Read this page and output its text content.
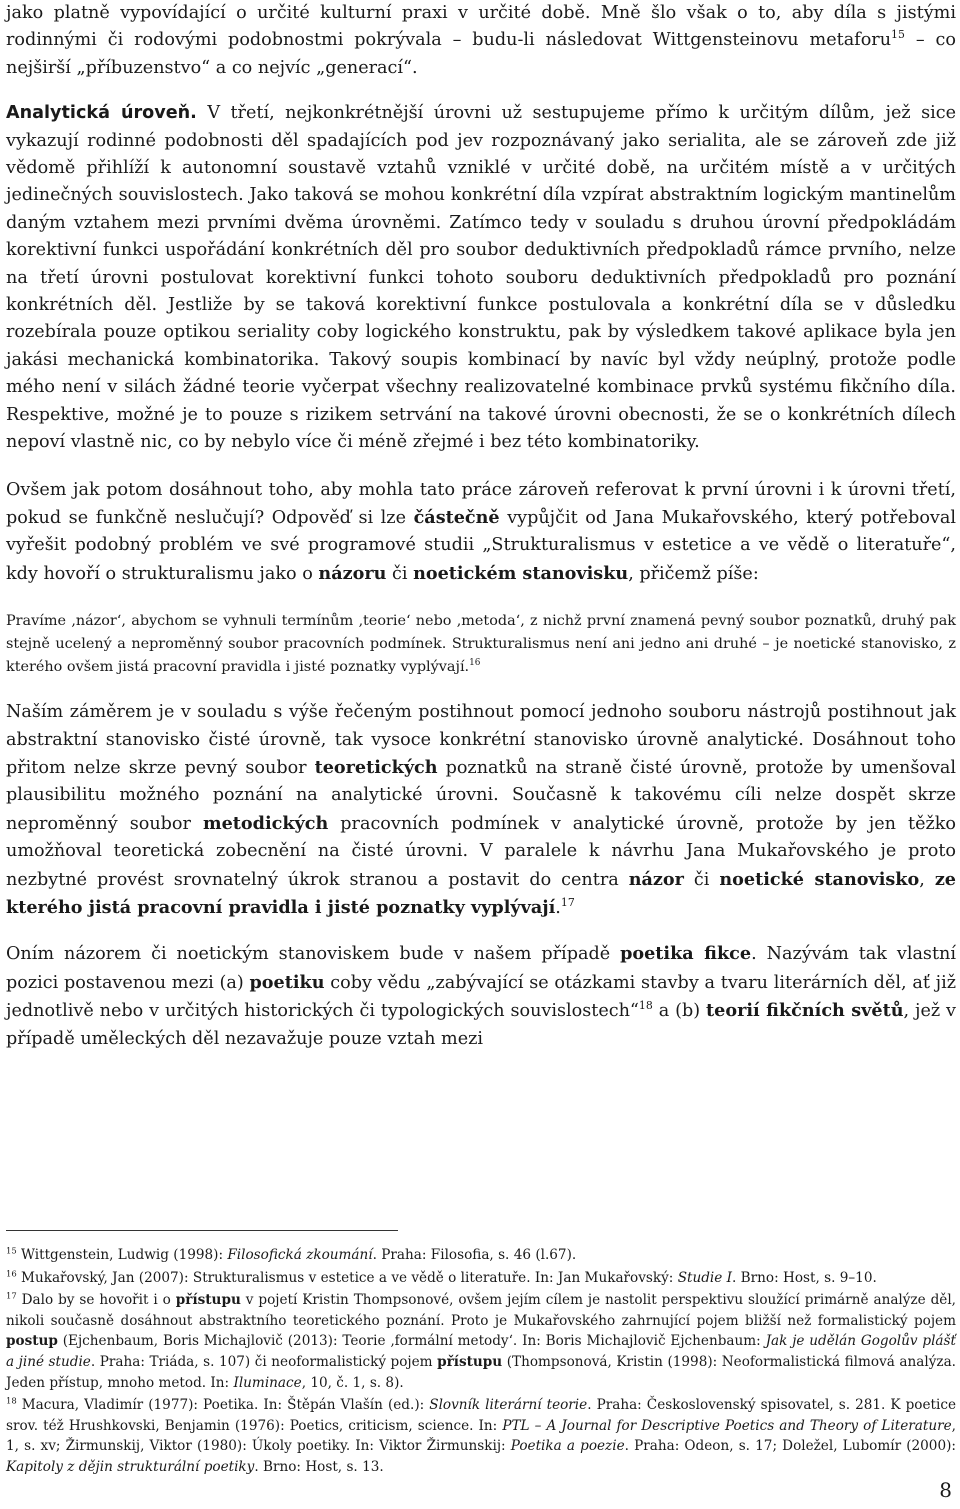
jako platně vypovídající o určité kulturní praxi v určité době. Mně šlo však o to, aby díla s jistými rodinnými či rodovými podobnostmi pokrývala – budu-li následovat Wittgensteinovu metaforu$^{15}$ – co nejširší „příbuzenstvo“ a co nejvíc „generací“.

Analytická úroveň. V třetí, nejkonkrétnější úrovni už sestupujeme přímo k určitým dílům, jež sice vykazují rodinné podobnosti děl spadajících pod jev rozpoznávaný jako serialita, ale se zároveň zde již vědomě přihlíží k autonomní soustavě vztahů vzniklé v určité době, na určitém místě a v určitých jedinečných souvislostech. Jako taková se mohou konkrétní díla vzpírat abstraktním logickým mantinelům daným vztahem mezi prvními dvěma úrovněmi. Zatímco tedy v souladu s druhou úrovní předpokládám korektivní funkci uspořádání konkrétních děl pro soubor deduktivních předpokladů rámce prvního, nelze na třetí úrovni postulovat korektivní funkci tohoto souboru deduktivních předpokladů pro poznání konkrétních děl. Jestliže by se taková korektivní funkce postulovala a konkrétní díla se v důsledku rozebírala pouze optikou seriality coby logického konstruktu, pak by výsledkem takové aplikace byla jen jakási mechanická kombinatorika. Takový soupis kombinací by navíc byl vždy neúplný, protože podle mého není v silách žádné teorie vyčerpat všechny realizovatelné kombinace prvků systému fikčního díla. Respektive, možné je to pouze s rizikem setrvání na takové úrovni obecnosti, že se o konkrétních dílech nepoví vlastně nic, co by nebylo více či méně zřejmé i bez této kombinatoriky.

Ovšem jak potom dosáhnout toho, aby mohla tato práce zároveň referovat k první úrovni i k úrovni třetí, pokud se funkčně neslučují? Odpověď si lze částečně vypůjčit od Jana Mukařovského, který potřeboval vyřešit podobný problém ve své programové studii „Strukturalismus v estetice a ve vědě o literatuře“, kdy hovoří o strukturalismu jako o názoru či noetickém stanovisku, přičemž píše:

Pravíme ‚názor‘, abychom se vyhnuli termínům ‚teorie‘ nebo ‚metoda‘, z nichž první znamená pevný soubor poznatků, druhý pak stejně ucelený a neproměnný soubor pracovních podmínek. Strukturalismus není ani jedno ani druhé – je noetické stanovisko, z kterého ovšem jistá pracovní pravidla i jisté poznatky vyplývají.$^{16}$

Naším záměrem je v souladu s výše řečeným postihnout pomocí jednoho souboru nástrojů postihnout jak abstraktní stanovisko čisté úrovně, tak vysoce konkrétní stanovisko úrovně analytické. Dosáhnout toho přitom nelze skrze pevný soubor teoretických poznatků na straně čisté úrovně, protože by umenšoval plausibilitu možného poznání na analytické úrovni. Současně k takovému cíli nelze dospět skrze neproměnný soubor metodických pracovních podmínek v analytické úrovně, protože by jen těžko umožňoval teoretická zobecnění na čisté úrovni. V paralele k návrhu Jana Mukařovského je proto nezbytné provést srovnatelný úkrok stranou a postavit do centra názor či noetické stanovisko, ze kterého jistá pracovní pravidla i jisté poznatky vyplývají.$^{17}$

Oním názorem či noetickým stanoviskem bude v našem případě poetika fikce. Nazývám tak vlastní pozici postavenou mezi (a) poetiku coby vědu „zabývající se otázkami stavby a tvaru literárních děl, ať již jednotlivě nebo v určitých historických či typologických souvislostech“$^{18}$ a (b) teorií fikčních světů, jež v případě uměleckých děl nezavažuje pouze vztah mezi

$^{15}$ Wittgenstein, Ludwig (1998): Filosofická zkoumání. Praha: Filosofia, s. 46 (l.67).

$^{16}$ Mukařovský, Jan (2007): Strukturalismus v estetice a ve vědě o literatuře. In: Jan Mukařovský: Studie I. Brno: Host, s. 9–10.

$^{17}$ Dalo by se hovořit i o přístupu v pojetí Kristin Thompsonové, ovšem jejím cílem je nastolit perspektivu sloužící primárně analýze děl, nikoli současně dosáhnout abstraktního teoretického poznání. Proto je Mukařovského zahrnující pojem bližší než formalistický pojem postup (Ejchenbaum, Boris Michajlovič (2013): Teorie ‚formální metody‘. In: Boris Michajlovič Ejchenbaum: Jak je udělán Gogolův plášť a jiné studie. Praha: Triáda, s. 107) či neoformalistický pojem přístupu (Thompsonová, Kristin (1998): Neoformalistická filmová analýza. Jeden přístup, mnoho metod. In: Iluminace, 10, č. 1, s. 8).

$^{18}$ Macura, Vladimír (1977): Poetika. In: Štěpán Vlašín (ed.): Slovník literární teorie. Praha: Československý spisovatel, s. 281. K poetice srov. též Hrushkovski, Benjamin (1976): Poetics, criticism, science. In: PTL – A Journal for Descriptive Poetics and Theory of Literature, 1, s. xv; Žirmunskij, Viktor (1980): Úkoly poetiky. In: Viktor Žirmunskij: Poetika a poezie. Praha: Odeon, s. 17; Doležel, Lubomír (2000): Kapitoly z dějin strukturální poetiky. Brno: Host, s. 13.

8
